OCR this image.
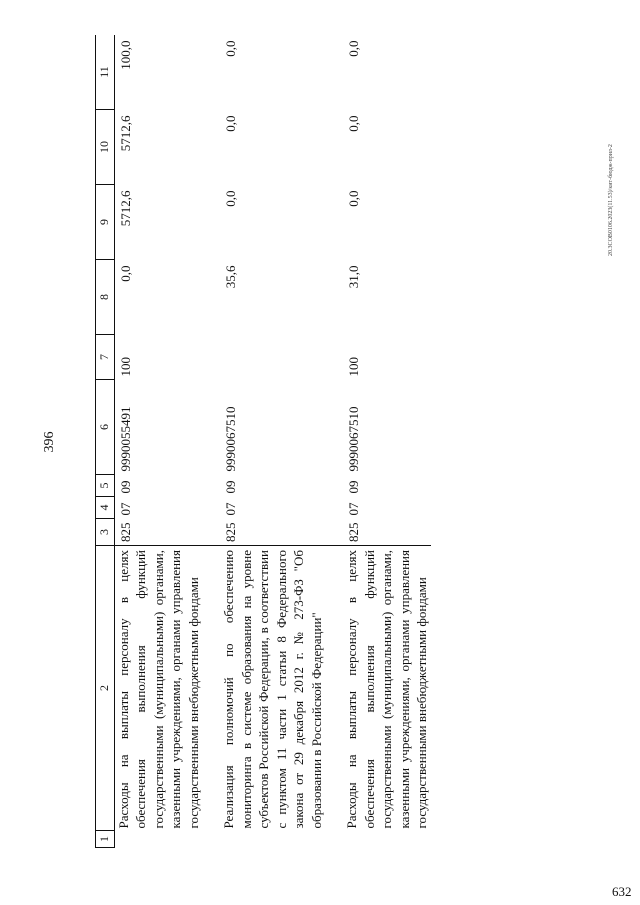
396
632
20.3СОВ0106.2023(11.53)/кит-бюдж-прил-2
1	2	3	4	5	6	7	8	9	10	11
	Расходы на выплаты персоналу в целях обеспечения выполнения функций государственными (муниципальными) органами, казенными учреждениями, органами управления государственными внебюджетными фондами	825	07	09	9990055491	100	0,0	5712,6	5712,6	100,0

	Реализация полномочий по обеспечению мониторинга в системе образования на уровне субъектов Российской Федерации, в соответствии с пунктом 11 части 1 статьи 8 Федерального закона от 29 декабря 2012 г. № 273-ФЗ "Об образовании в Российской Федерации"	825	07	09	9990067510		35,6	0,0	0,0	0,0

	Расходы на выплаты персоналу в целях обеспечения выполнения функций государственными (муниципальными) органами, казенными учреждениями, органами управления государственными внебюджетными фондами	825	07	09	9990067510	100	31,0	0,0	0,0	0,0
